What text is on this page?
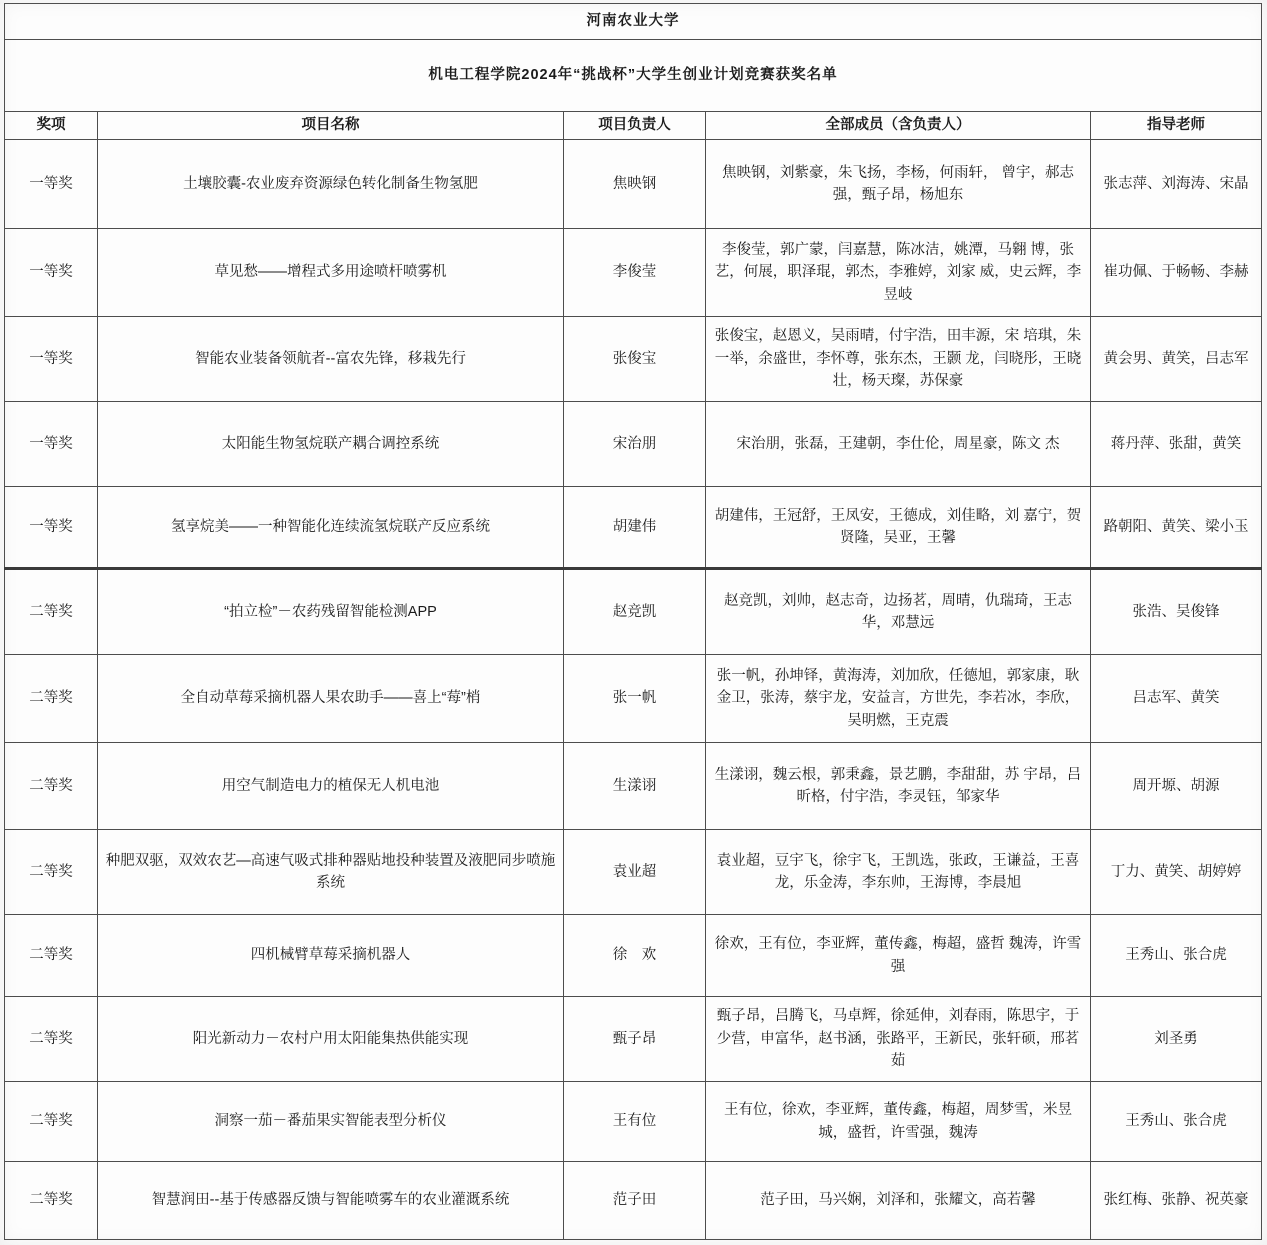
河南农业大学				
机电工程学院2024年“挑战杯”大学生创业计划竞赛获奖名单				
奖项	项目名称	项目负责人	全部成员（含负责人）	指导老师
一等奖	土壤胶囊-农业废弃资源绿色转化制备生物氢肥	焦映钢	焦映钢，刘紫豪，朱飞扬，李杨，何雨轩， 曾宇，郝志强，甄子昂，杨旭东	张志萍、刘海涛、宋晶
一等奖	草见愁——增程式多用途喷杆喷雾机	李俊莹	李俊莹，郭广蒙，闫嘉慧，陈冰洁，姚潭，马翱 博，张艺，何展，职泽琨，郭杰，李雅婷，刘家 威，史云辉，李昱岐	崔功佩、于畅畅、李赫
一等奖	智能农业装备领航者--富农先锋，移栽先行	张俊宝	张俊宝，赵恩义，吴雨晴，付宇浩，田丰源，宋 培琪，朱一举，余盛世，李怀尊，张东杰，王颢 龙，闫晓彤，王晓壮，杨天璨，苏保豪	黄会男、黄笑，吕志军
一等奖	太阳能生物氢烷联产耦合调控系统	宋治朋	宋治朋，张磊，王建朝，李仕伦，周星豪，陈文 杰	蒋丹萍、张甜，黄笑
一等奖	氢享烷美——一种智能化连续流氢烷联产反应系统	胡建伟	胡建伟，王冠舒，王凤安，王德成，刘佳略，刘 嘉宁，贺贤隆，吴亚，王馨	路朝阳、黄笑、梁小玉
二等奖	“拍立检”－农药残留智能检测APP	赵竞凯	赵竞凯，刘帅，赵志奇，边扬茗，周晴，仇瑞琦，王志华，邓慧远	张浩、吴俊锋
二等奖	全自动草莓采摘机器人果农助手——喜上“莓”梢	张一帆	张一帆，孙坤铎，黄海涛，刘加欣，任德旭，郭家康，耿金卫，张涛，蔡宇龙，安益言，方世先，李若冰，李欣，吴明燃，王克震	吕志军、黄笑
二等奖	用空气制造电力的植保无人机电池	生漾诩	生漾诩，魏云根，郭秉鑫，景艺鹏，李甜甜，苏 宇昂，吕昕格，付宇浩，李灵钰，邹家华	周开塬、胡源
二等奖	种肥双驱，双效农艺—高速气吸式排种器贴地投种装置及液肥同步喷施系统	袁业超	袁业超，豆宇飞，徐宇飞，王凯选，张政，王谦益，王喜龙，乐金涛，李东帅，王海博，李晨旭	丁力、黄笑、胡婷婷
二等奖	四机械臂草莓采摘机器人	徐　欢	徐欢，王有位，李亚辉，董传鑫，梅超，盛哲 魏涛，许雪强	王秀山、张合虎
二等奖	阳光新动力－农村户用太阳能集热供能实现	甄子昂	甄子昂，吕腾飞，马卓辉，徐延伸，刘春雨，陈思宇，于少营，申富华，赵书涵，张路平，王新民，张轩硕，邢茗茹	刘圣勇
二等奖	洞察一茄－番茄果实智能表型分析仪	王有位	王有位，徐欢，李亚辉，董传鑫，梅超，周梦雪，米昱城，盛哲，许雪强，魏涛	王秀山、张合虎
二等奖	智慧润田--基于传感器反馈与智能喷雾车的农业灌溉系统	范子田	范子田，马兴娴，刘泽和，张耀文，高若馨	张红梅、张静、祝英豪
